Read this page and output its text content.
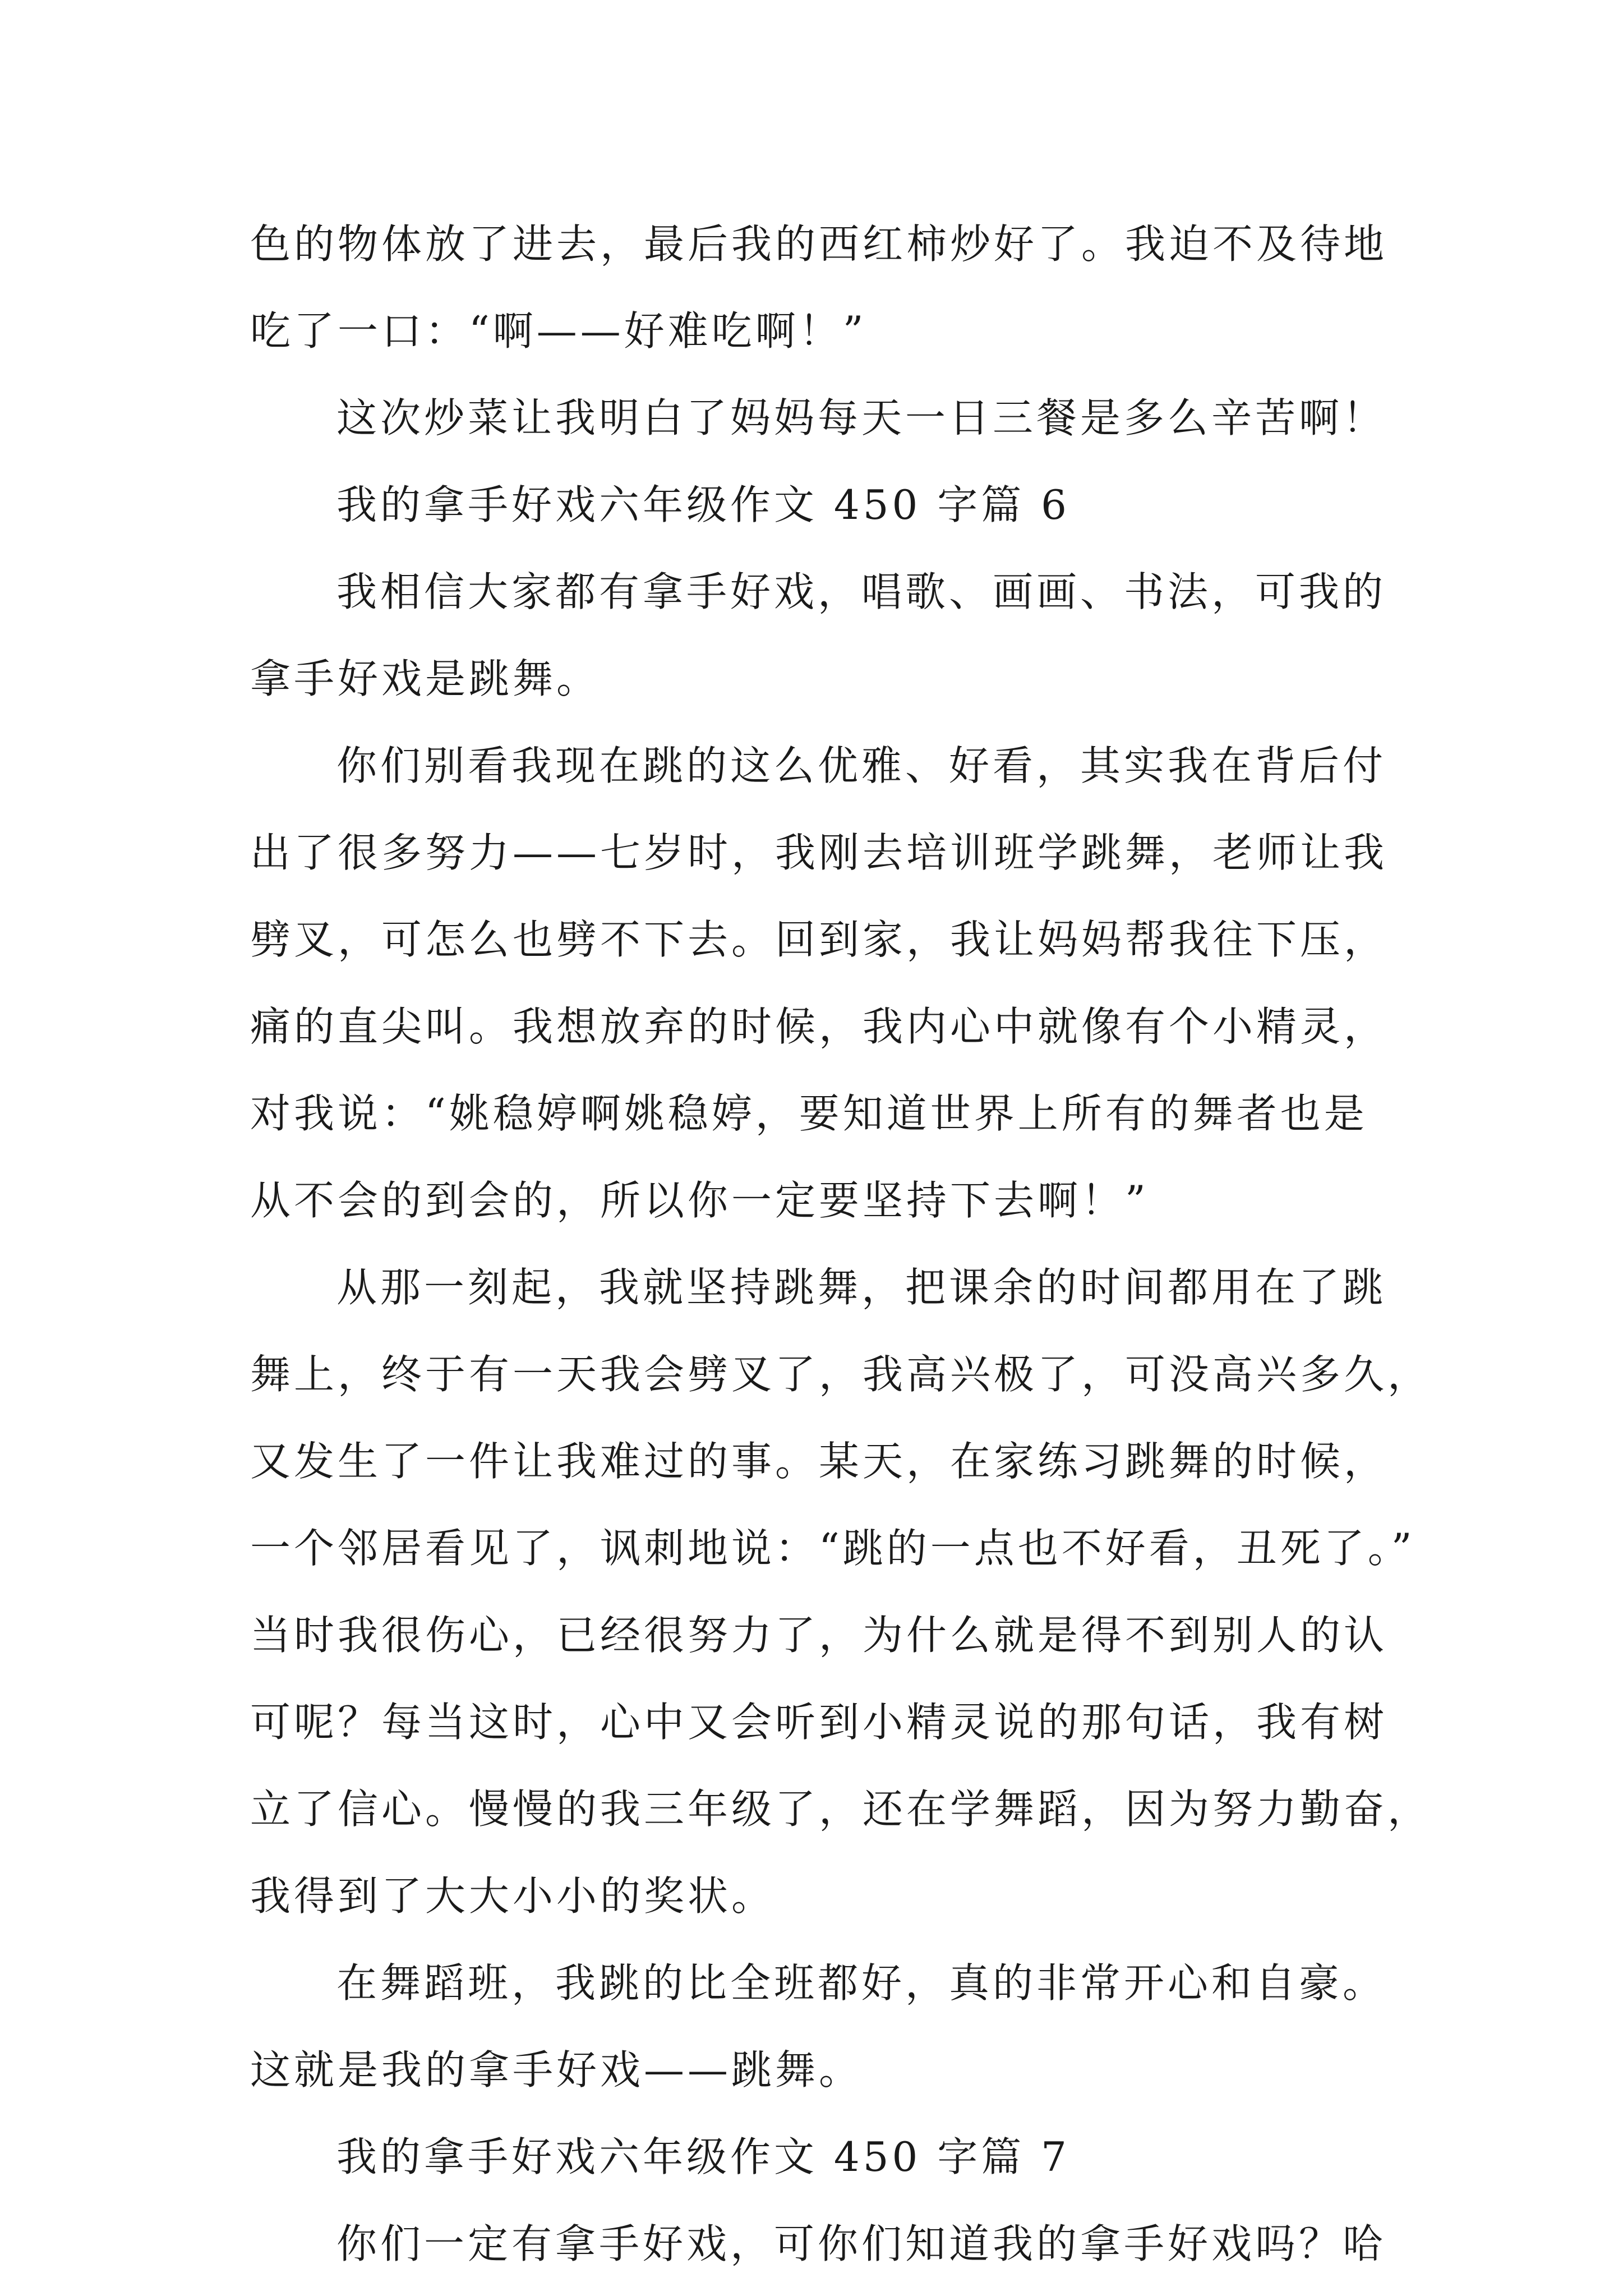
色的物体放了进去，最后我的西红柿炒好了。我迫不及待地
吃了一口：“啊——好难吃啊！”
这次炒菜让我明白了妈妈每天一日三餐是多么辛苦啊！
我的拿手好戏六年级作文 450 字篇 6
我相信大家都有拿手好戏，唱歌、画画、书法，可我的
拿手好戏是跳舞。
你们别看我现在跳的这么优雅、好看，其实我在背后付
出了很多努力——七岁时，我刚去培训班学跳舞，老师让我
劈叉，可怎么也劈不下去。回到家，我让妈妈帮我往下压，
痛的直尖叫。我想放弃的时候，我内心中就像有个小精灵，
对我说：“姚稳婷啊姚稳婷，要知道世界上所有的舞者也是
从不会的到会的，所以你一定要坚持下去啊！”
从那一刻起，我就坚持跳舞，把课余的时间都用在了跳
舞上，终于有一天我会劈叉了，我高兴极了，可没高兴多久，
又发生了一件让我难过的事。某天，在家练习跳舞的时候，
一个邻居看见了，讽刺地说：“跳的一点也不好看，丑死了。”
当时我很伤心，已经很努力了，为什么就是得不到别人的认
可呢？每当这时，心中又会听到小精灵说的那句话，我有树
立了信心。慢慢的我三年级了，还在学舞蹈，因为努力勤奋，
我得到了大大小小的奖状。
在舞蹈班，我跳的比全班都好，真的非常开心和自豪。
这就是我的拿手好戏——跳舞。
我的拿手好戏六年级作文 450 字篇 7
你们一定有拿手好戏，可你们知道我的拿手好戏吗？哈
